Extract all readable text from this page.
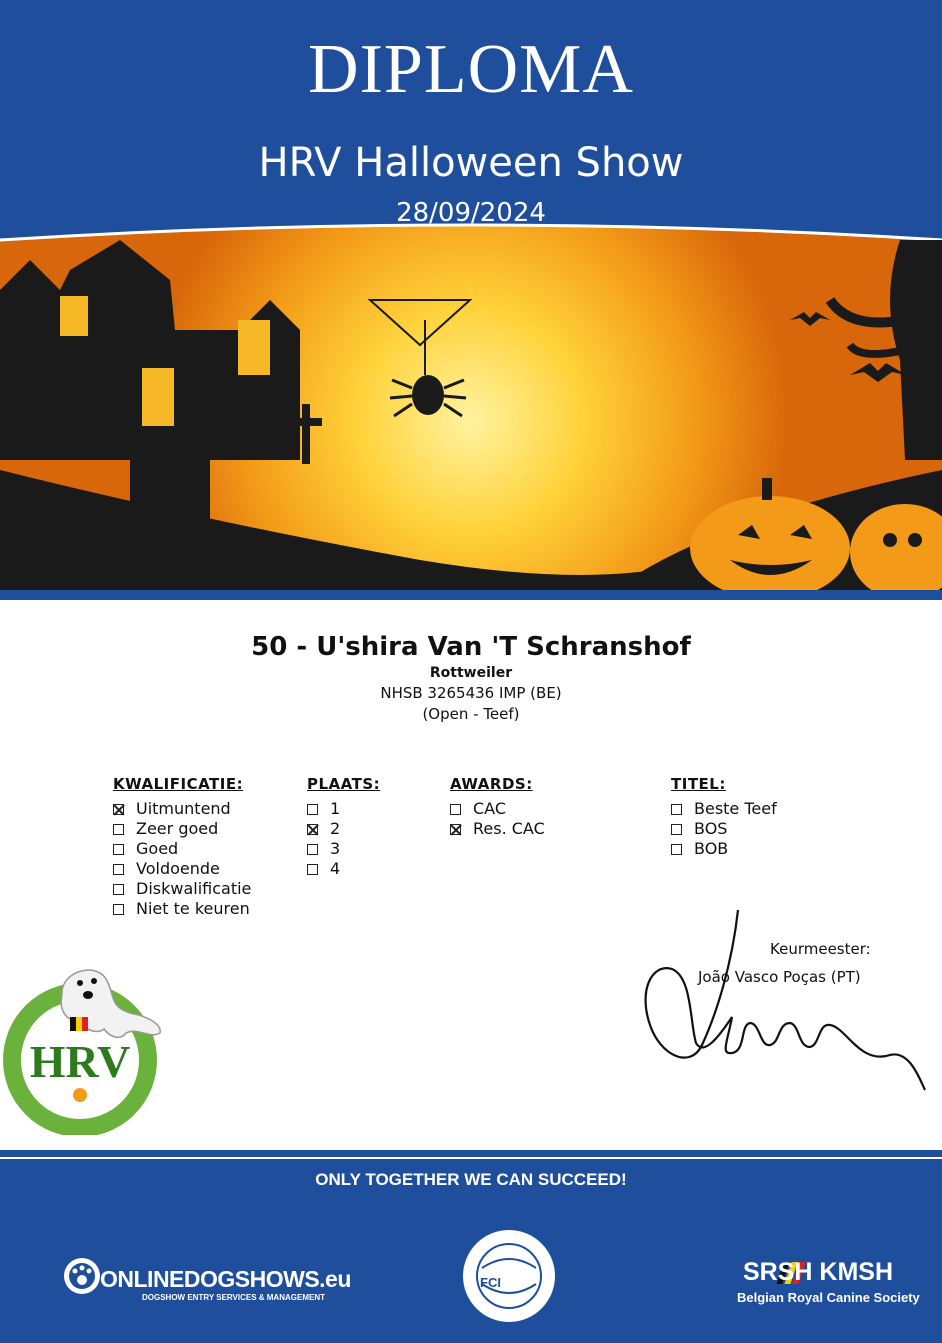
DIPLOMA
HRV Halloween Show
28/09/2024
50 - U'shira Van 'T Schranshof
Rottweiler
NHSB 3265436 IMP (BE)
(Open - Teef)
KWALIFICATIE:
Uitmuntend
Zeer goed
Goed
Voldoende
Diskwalificatie
Niet te keuren
PLAATS:
1
2
3
4
AWARDS:
CAC
Res. CAC
TITEL:
Beste Teef
BOS
BOB
Keurmeester:
João Vasco Poças (PT)
HRV
ONLY TOGETHER WE CAN SUCCEED!
ONLINEDOGSHOWS.eu
DOGSHOW ENTRY SERVICES & MANAGEMENT
FCI	SRSH KMSH
Belgian Royal Canine Society
